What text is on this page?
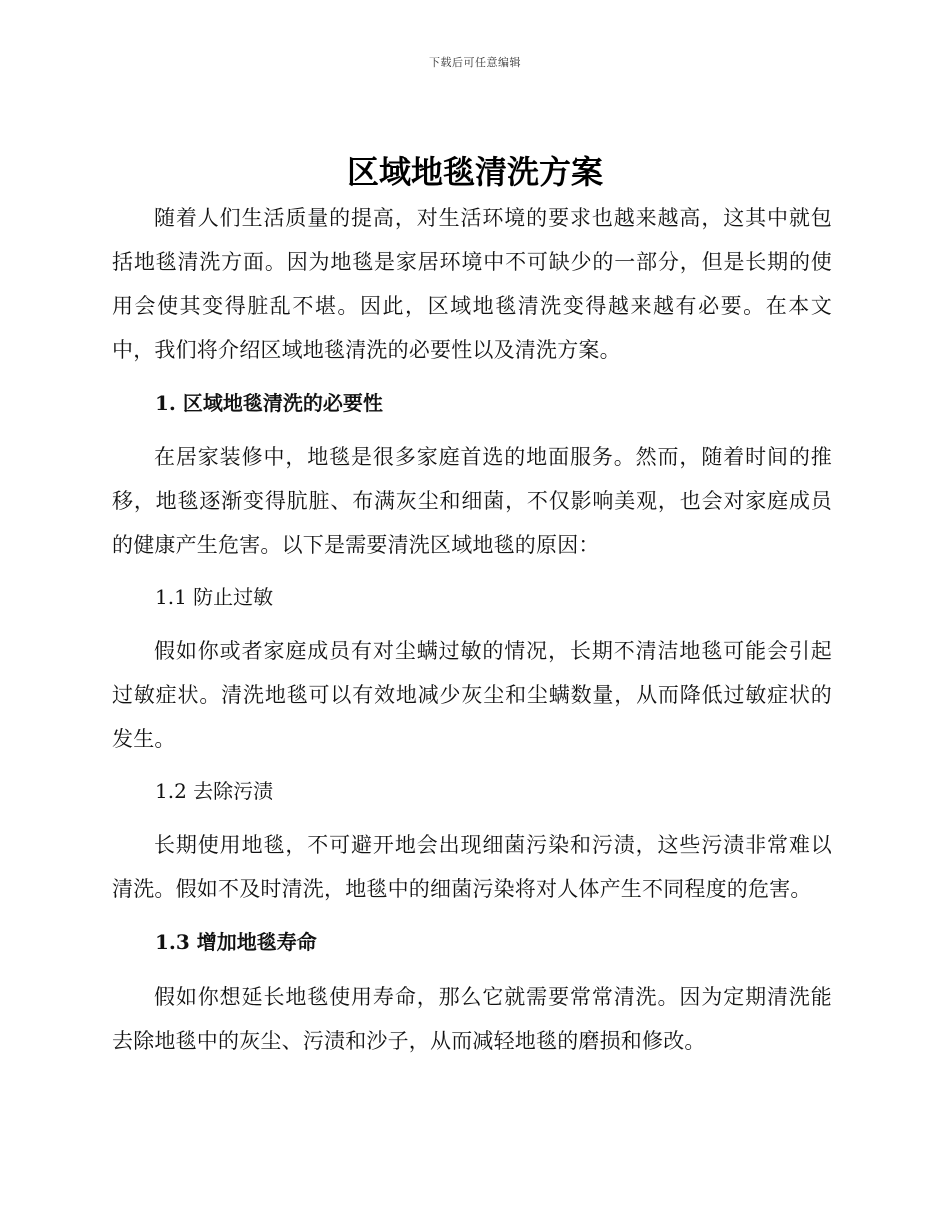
下载后可任意编辑
区域地毯清洗方案

随着人们生活质量的提高，对生活环境的要求也越来越高，这其中就包括地毯清洗方面。因为地毯是家居环境中不可缺少的一部分，但是长期的使用会使其变得脏乱不堪。因此，区域地毯清洗变得越来越有必要。在本文中，我们将介绍区域地毯清洗的必要性以及清洗方案。

1. 区域地毯清洗的必要性

在居家装修中，地毯是很多家庭首选的地面服务。然而，随着时间的推移，地毯逐渐变得肮脏、布满灰尘和细菌，不仅影响美观，也会对家庭成员的健康产生危害。以下是需要清洗区域地毯的原因：

1.1 防止过敏

假如你或者家庭成员有对尘螨过敏的情况，长期不清洁地毯可能会引起过敏症状。清洗地毯可以有效地减少灰尘和尘螨数量，从而降低过敏症状的发生。

1.2 去除污渍

长期使用地毯，不可避开地会出现细菌污染和污渍，这些污渍非常难以清洗。假如不及时清洗，地毯中的细菌污染将对人体产生不同程度的危害。

1.3 增加地毯寿命

假如你想延长地毯使用寿命，那么它就需要常常清洗。因为定期清洗能去除地毯中的灰尘、污渍和沙子，从而减轻地毯的磨损和修改。
